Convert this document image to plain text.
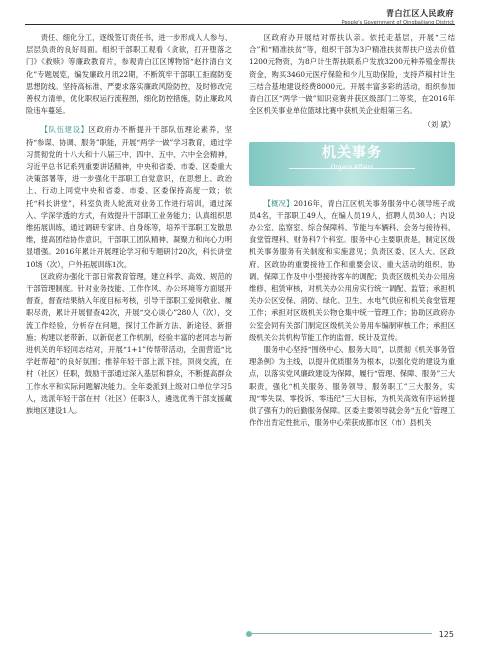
青白江区人民政府
People's Government of Qingbaijiang District

责任、细化分工，逐级签订责任书，进一步形成人人参与、层层负责的良好局面。组织干部职工观看《贪欲，打开堕落之门》《救赎》等廉政教育片，参观青白江区博物馆“赵抃清白文化”专题展览，编发廉政月讯22期，不断筑牢干部职工拒腐防变思想防线。坚持高标准、严要求落实廉政风险防控，及时修改完善权力清单，优化职权运行流程图，细化防控措施，防止廉政风险违车蔓延。

【队伍建设】区政府办不断提升干部队伍理论素养，坚持“参谋、协调、服务”职能，开展“两学一做”学习教育，通过学习贯彻党的十八大和十八届三中、四中、五中、六中全会精神，习近平总书记系列重要讲话精神，中央和省委、市委、区委重大决策部署等，进一步强化干部职工自觉意识，在思想上、政治上、行动上同党中央和省委、市委、区委保持高度一致；依托“科长讲堂”，科室负责人轮流对业务工作进行培训，通过深入、学深学透的方式，有效提升干部职工业务能力；认真组织思维拓展训练，通过调研专家讲、自身练等，培养干部职工发散思维，提高团结协作意识，干部职工团队精神、凝聚力和向心力明显增强。2016年累计开展理论学习和专题研讨20次，科长讲堂10场（次），户外拓展训练1次。

区政府办强化干部日常教育管理，建立科学、高效、规范的干部管理制度。针对业务技能、工作作风、办公环境等方面展开督查，督查结果纳入年度目标考核，引导干部职工爱岗敬业、履职尽责，累计开展督查42次，开展“交心谈心”280人（次），交流工作经验，分析存在问题，探讨工作新方法、新途径、新措施；构建以老带新、以新促老工作机制，经验丰富的老同志与新进机关的年轻同志结对，开展“1+1”传帮带活动，全面营造“比学赶帮超”的良好氛围；推荐年轻干部上派下挂，顶岗交流，在村（社区）任职，鼓励干部通过深入基层和群众，不断提高群众工作水平和实际问题解决能力。全年委派到上级对口单位学习5人，选派年轻干部在村（社区）任职3人，遴选优秀干部支援藏族地区建设1人。

区政府办开展结对帮扶认亲。依托走基层，开展“三结合”和“精准扶贫”等，组织干部为3户精准扶贫帮扶户送去价值1200元物资，为8户计生帮扶联系户发放3200元种养殖金帮扶资金，购买3460元医疗保险和少儿互助保险，支持芦稿村计生三结合基地建设经费8000元。开展丰富多彩的活动，组织参加青白江区“两学一做”知识竞赛并获区级部门二等奖，在2016年全区机关事业单位篮球比赛中获机关企业组第三名。

（刘 斌）

机关事务

【概况】2016年，青白江区机关事务服务中心领导班子成员4名，干部职工49人，在编人员19人，招聘人员30人；内设办公室、监察室、综合保障科、节能与车辆科、会务与接待科、食堂管理科、财务科7个科室。服务中心主要职责是，制定区级机关事务服务有关制度和实施意见；负责区委、区人大、区政府、区政协的重要接待工作和重要会议、重大活动的组织、协调、保障工作及中小型接待客车的调配；负责区级机关办公用房维修、租赁审核，对机关办公用房实行统一调配、监管；承担机关办公区安保、消防、绿化、卫生、水电气供应和机关食堂管理工作；承担对区级机关公物仓集中统一管理工作；协助区政府办公室会同有关部门制定区级机关公务用车编制审核工作；承担区级机关公共机构节能工作的监督、统计及宣传。

服务中心坚持“围绕中心、服务大局”，以贯彻《机关事务管理条例》为主线，以提升优质服务为根本，以强化党的建设为重点，以落实党风廉政建设为保障，履行“管理、保障、服务”三大职责，强化“机关服务、服务领导、服务职工”三大服务，实现“零失误、零投诉、零违纪”三大目标，为机关高效有序运转提供了强有力的后勤服务保障。区委主要领导就会务“五化”管理工作作出肯定性批示，服务中心荣获成都市区（市）县机关

125
